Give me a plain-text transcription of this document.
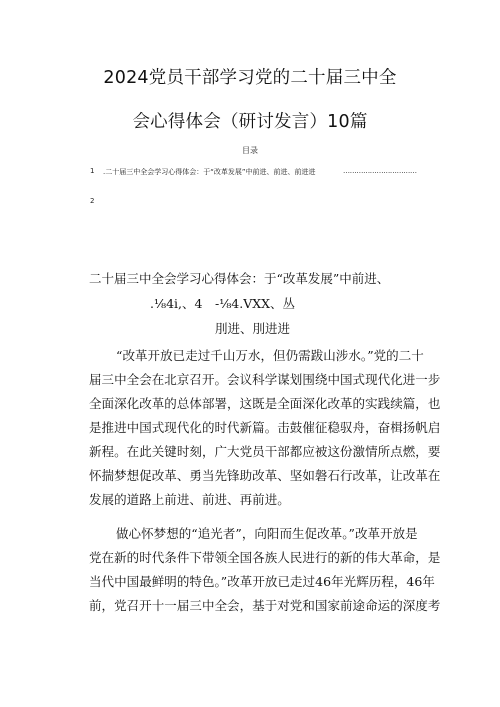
2024党员干部学习党的二十届三中全
会心得体会（研讨发言）10篇
目录
1 .二十届三中全会学习心得体会：于“改革发展”中前进、前进、前进进	……………………………
2
二十届三中全会学习心得体会：于“改革发展”中前进、
.⅛4i,、4　-⅛4.VXX、丛
刖进、刖进进
“改革开放已走过千山万水，但仍需跋山涉水。”党的二十
届三中全会在北京召开。会议科学谋划围绕中国式现代化进一步
全面深化改革的总体部署，这既是全面深化改革的实践续篇，也
是推进中国式现代化的时代新篇。击鼓催征稳驭舟，奋楫扬帆启
新程。在此关键时刻，广大党员干部都应被这份激情所点燃，要
怀揣梦想促改革、勇当先锋助改革、坚如磐石行改革，让改革在
发展的道路上前进、前进、再前进。
做心怀梦想的“追光者”，向阳而生促改革。”改革开放是
党在新的时代条件下带领全国各族人民进行的新的伟大革命，是
当代中国最鲜明的特色。”改革开放已走过46年光辉历程，46年
前，党召开十一届三中全会，基于对党和国家前途命运的深度考
